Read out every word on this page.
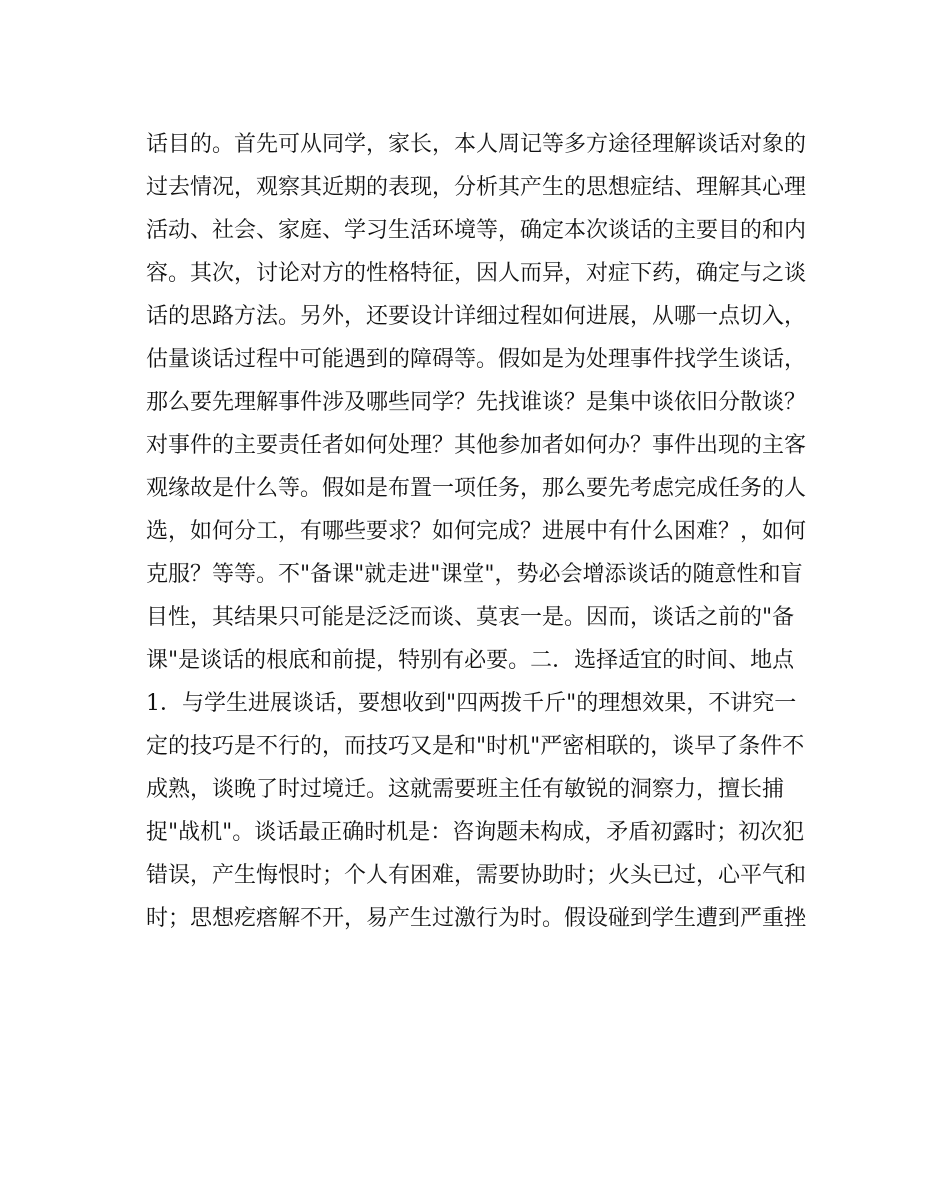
话目的。首先可从同学，家长，本人周记等多方途径理解谈话对象的
过去情况，观察其近期的表现，分析其产生的思想症结、理解其心理
活动、社会、家庭、学习生活环境等，确定本次谈话的主要目的和内
容。其次，讨论对方的性格特征，因人而异，对症下药，确定与之谈
话的思路方法。另外，还要设计详细过程如何进展，从哪一点切入，
估量谈话过程中可能遇到的障碍等。假如是为处理事件找学生谈话，
那么要先理解事件涉及哪些同学？先找谁谈？是集中谈依旧分散谈？
对事件的主要责任者如何处理？其他参加者如何办？事件出现的主客
观缘故是什么等。假如是布置一项任务，那么要先考虑完成任务的人
选，如何分工，有哪些要求？如何完成？进展中有什么困难？，如何
克服？等等。不"备课"就走进"课堂"，势必会增添谈话的随意性和盲
目性，其结果只可能是泛泛而谈、莫衷一是。因而，谈话之前的"备
课"是谈话的根底和前提，特别有必要。二．选择适宜的时间、地点
1．与学生进展谈话，要想收到"四两拨千斤"的理想效果，不讲究一
定的技巧是不行的，而技巧又是和"时机"严密相联的，谈早了条件不
成熟，谈晚了时过境迁。这就需要班主任有敏锐的洞察力，擅长捕
捉"战机"。谈话最正确时机是：咨询题未构成，矛盾初露时；初次犯
错误，产生悔恨时；个人有困难，需要协助时；火头已过，心平气和
时；思想疙瘩解不开，易产生过激行为时。假设碰到学生遭到严重挫
